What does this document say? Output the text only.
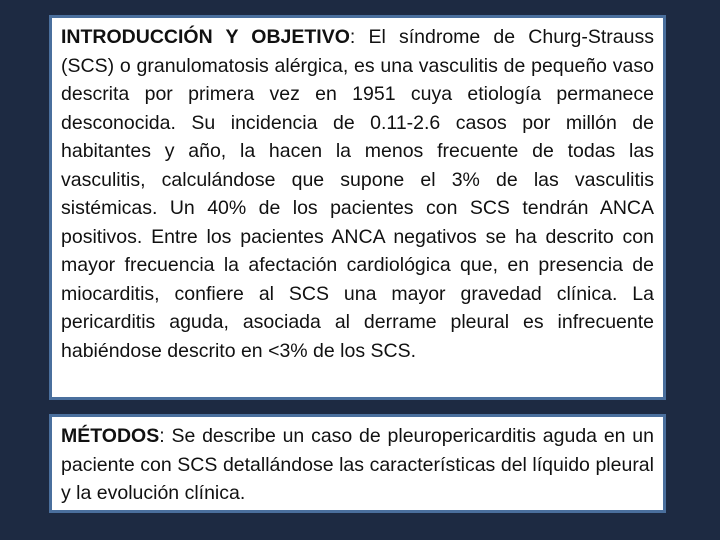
INTRODUCCIÓN Y OBJETIVO: El síndrome de Churg-Strauss (SCS) o granulomatosis alérgica, es una vasculitis de pequeño vaso descrita por primera vez en 1951 cuya etiología permanece desconocida. Su incidencia de 0.11-2.6 casos por millón de habitantes y año, la hacen la menos frecuente de todas las vasculitis, calculándose que supone el 3% de las vasculitis sistémicas. Un 40% de los pacientes con SCS tendrán ANCA positivos. Entre los pacientes ANCA negativos se ha descrito con mayor frecuencia la afectación cardiológica que, en presencia de miocarditis, confiere al SCS una mayor gravedad clínica. La pericarditis aguda, asociada al derrame pleural es infrecuente habiéndose descrito en <3% de los SCS.
MÉTODOS: Se describe un caso de pleuropericarditis aguda en un paciente con SCS detallándose las características del líquido pleural y la evolución clínica.
